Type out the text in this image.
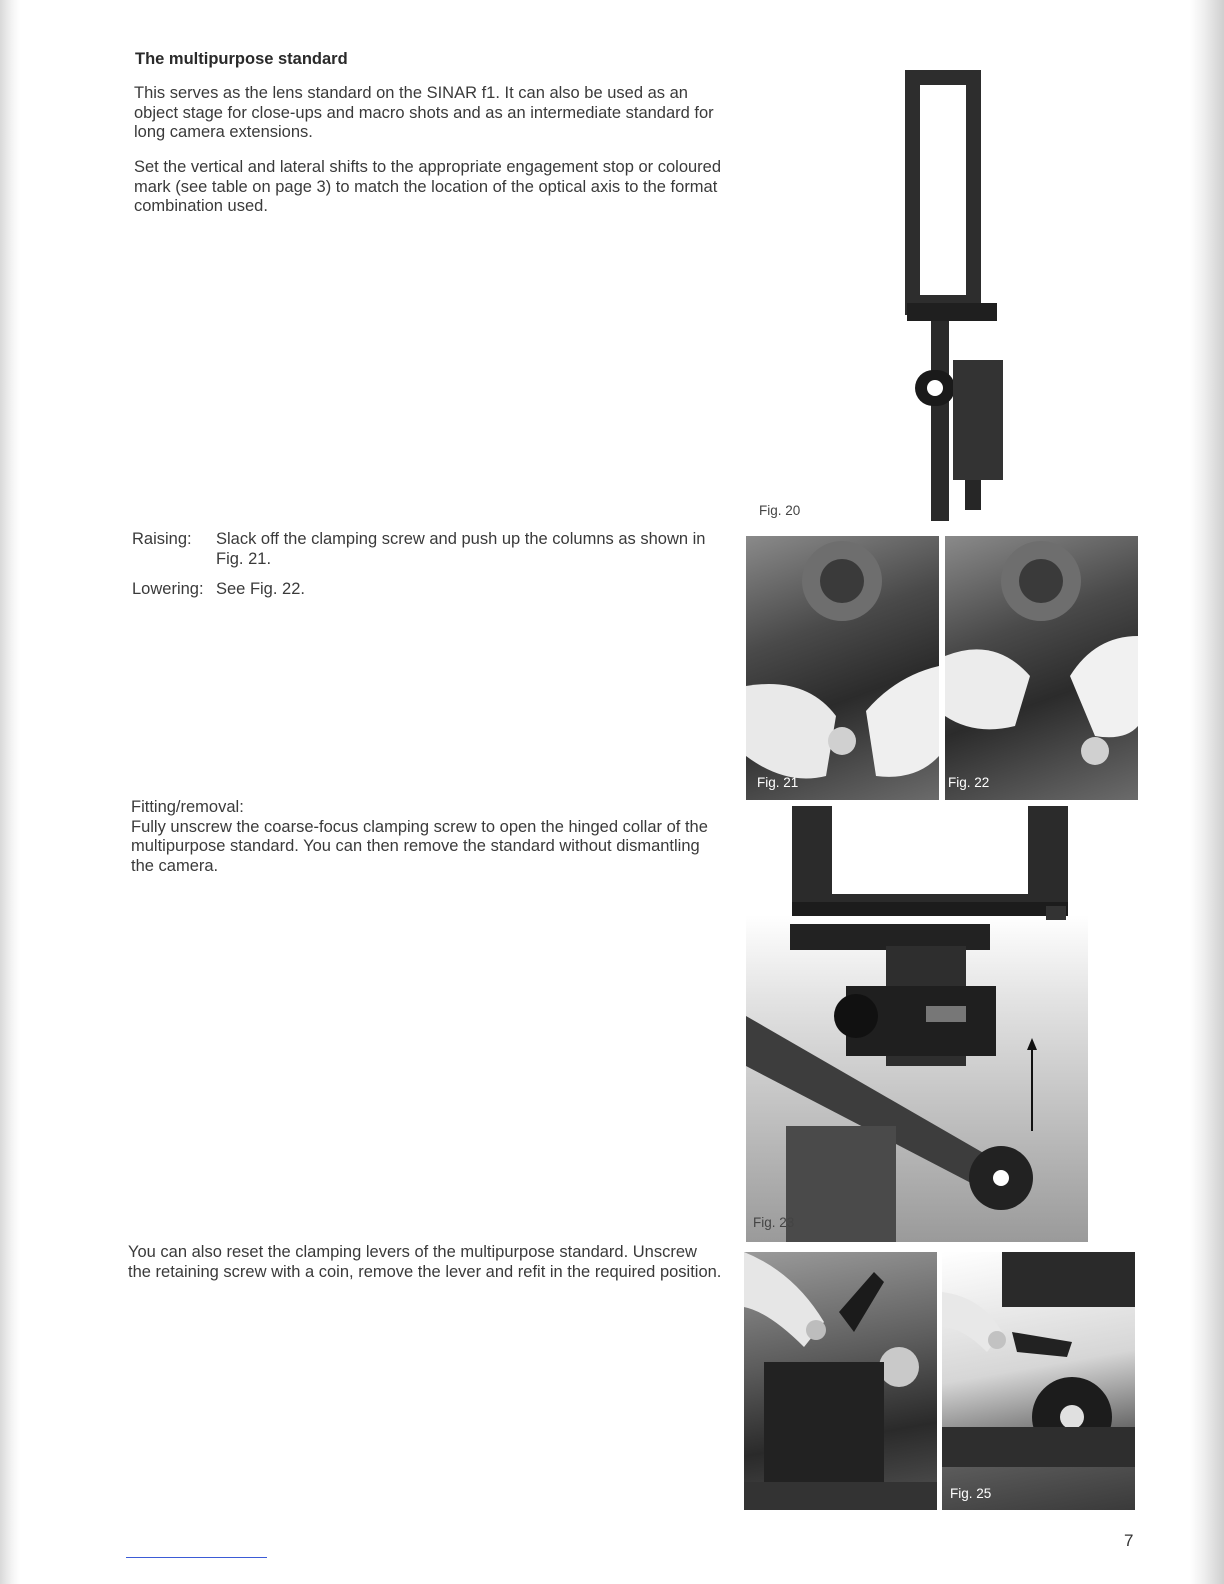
The multipurpose standard

This serves as the lens standard on the SINAR f1. It can also be used as an object stage for close-ups and macro shots and as an intermediate standard for long camera extensions.

Set the vertical and lateral shifts to the appropriate engagement stop or coloured mark (see table on page 3) to match the location of the optical axis to the format combination used.

Fig. 20
Raising:	Slack off the clamping screw and push up the columns as shown in Fig. 21.
Lowering: See Fig. 22.
Fig. 21	Fig. 22

Fitting/removal:

Fully unscrew the coarse-focus clamping screw to open the hinged collar of the multipurpose standard. You can then remove the standard without dismantling the camera.

Fig. 23

You can also reset the clamping levers of the multipurpose standard. Unscrew the retaining screw with a coin, remove the lever and refit in the required position.

Fig. 25
7
